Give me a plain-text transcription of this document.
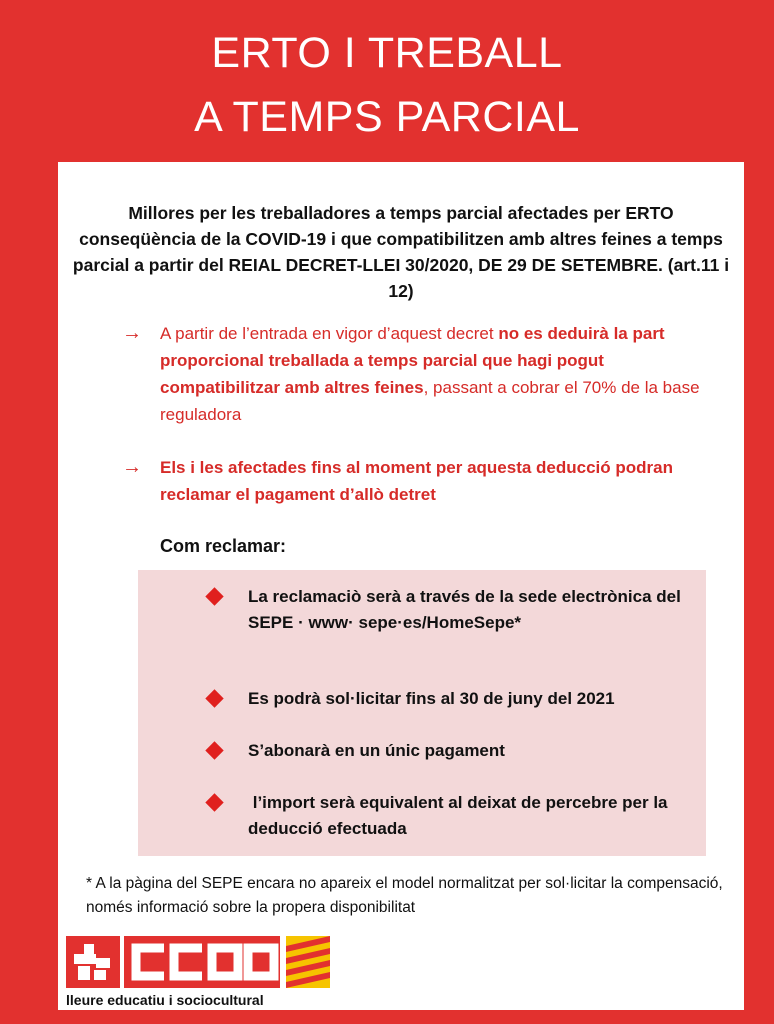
ERTO I TREBALL
A TEMPS PARCIAL
Millores per les treballadores a temps parcial afectades per ERTO conseqüència de la COVID-19 i que compatibilitzen amb altres feines a temps parcial a partir del REIAL DECRET-LLEI 30/2020, DE 29 DE SETEMBRE. (art.11 i 12)
→ A partir de l’entrada en vigor d’aquest decret no es deduirà la part proporcional treballada a temps parcial que hagi pogut compatibilitzar amb altres feines, passant a cobrar el 70% de la base reguladora
→ Els i les afectades fins al moment per aquesta deducció podran reclamar el pagament d’allò detret
Com reclamar:
La reclamaciò serà a través de la sede electrònica del SEPE · www· sepe·es/HomeSepe*
Es podrà sol·licitar fins al 30 de juny del 2021
S’abonarà en un únic pagament
l’import serà equivalent al deixat de percebre per la deducció efectuada
* A la pàgina del SEPE encara no apareix el model normalitzat per sol·licitar la compensació, només informació sobre la propera disponibilitat
lleure educatiu i sociocultural
